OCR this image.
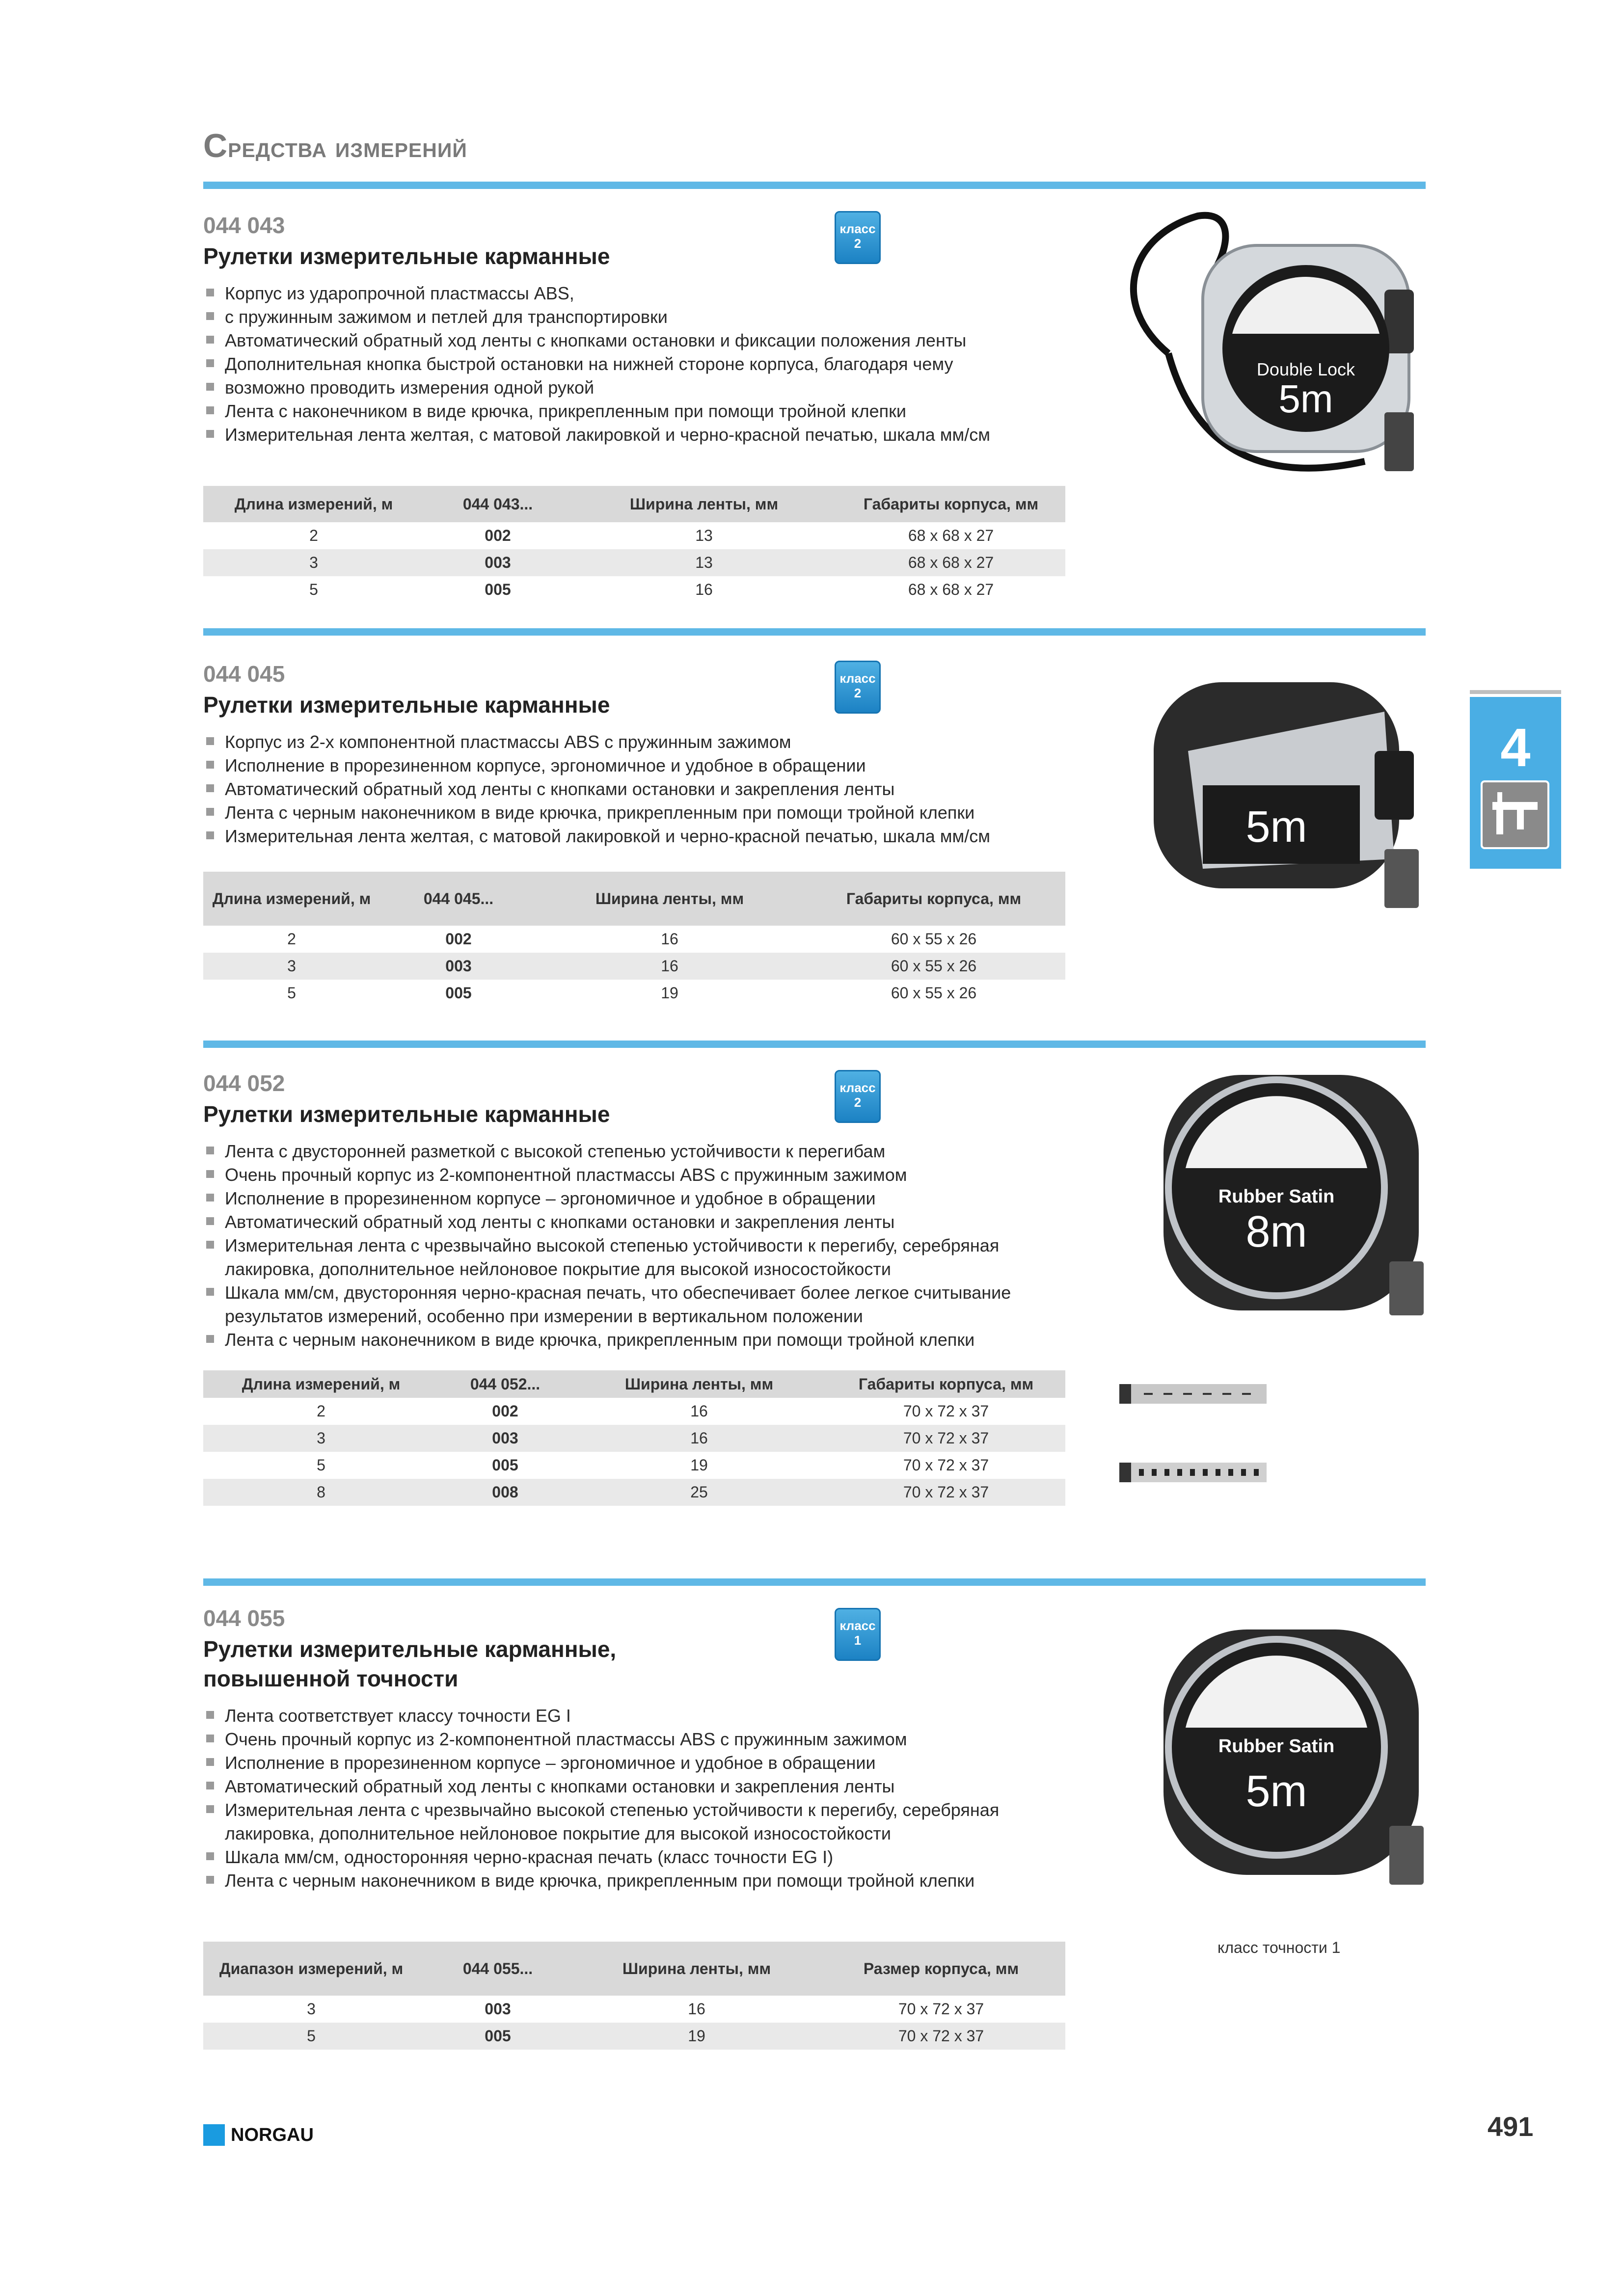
Средства измерений
044 043
Рулетки измерительные карманные
Корпус из ударопрочной пластмассы ABS,
с пружинным зажимом и петлей для транспортировки
Автоматический обратный ход ленты с кнопками остановки и фиксации положения ленты
Дополнительная кнопка быстрой остановки на нижней стороне корпуса, благодаря чему
возможно проводить измерения одной рукой
Лента с наконечником в виде крючка, прикрепленным при помощи тройной клепки
Измерительная лента желтая, с матовой лакировкой и черно-красной печатью, шкала мм/см
класс
2
Длина измерений, м	044 043...	Ширина ленты, мм	Габариты корпуса, мм
2	002	13	68 x 68 x 27
3	003	13	68 x 68 x 27
5	005	16	68 x 68 x 27
Double Lock
5m
044 045
Рулетки измерительные карманные
Корпус из 2-х компонентной пластмассы ABS с пружинным зажимом
Исполнение в прорезиненном корпусе, эргономичное и удобное в обращении
Автоматический обратный ход ленты с кнопками остановки и закрепления ленты
Лента с черным наконечником в виде крючка, прикрепленным при помощи тройной клепки
Измерительная лента желтая, с матовой лакировкой и черно-красной печатью, шкала мм/см
класс
2
Длина измерений, м	044 045...	Ширина ленты, мм	Габариты корпуса, мм
2	002	16	60 x 55 x 26
3	003	16	60 x 55 x 26
5	005	19	60 x 55 x 26
5m
044 052
Рулетки измерительные карманные
Лента с двусторонней разметкой с высокой степенью устойчивости к перегибам
Очень прочный корпус из 2-компонентной пластмассы ABS с пружинным зажимом
Исполнение в прорезиненном корпусе – эргономичное и удобное в обращении
Автоматический обратный ход ленты с кнопками остановки и закрепления ленты
Измерительная лента с чрезвычайно высокой степенью устойчивости к перегибу, серебряная лакировка, дополнительное нейлоновое покрытие для высокой износостойкости
Шкала мм/см, двусторонняя черно-красная печать, что обеспечивает более легкое считывание результатов измерений, особенно при измерении в вертикальном положении
Лента с черным наконечником в виде крючка, прикрепленным при помощи тройной клепки
класс
2
Длина измерений, м	044 052...	Ширина ленты, мм	Габариты корпуса, мм
2	002	16	70 x 72 x 37
3	003	16	70 x 72 x 37
5	005	19	70 x 72 x 37
8	008	25	70 x 72 x 37
Rubber Satin
8m
044 055
Рулетки измерительные карманные, повышенной точности
Лента соответствует классу точности EG I
Очень прочный корпус из 2-компонентной пластмассы ABS с пружинным зажимом
Исполнение в прорезиненном корпусе – эргономичное и удобное в обращении
Автоматический обратный ход ленты с кнопками остановки и закрепления ленты
Измерительная лента с чрезвычайно высокой степенью устойчивости к перегибу, серебряная лакировка, дополнительное нейлоновое покрытие для высокой износостойкости
Шкала мм/см, односторонняя черно-красная печать (класс точности EG I)
Лента с черным наконечником в виде крючка, прикрепленным при помощи тройной клепки
класс
1
Диапазон измерений, м	044 055...	Ширина ленты, мм	Размер корпуса, мм
3	003	16	70 x 72 x 37
5	005	19	70 x 72 x 37
Rubber Satin
5m
класс точности 1
4
NORGAU	491
